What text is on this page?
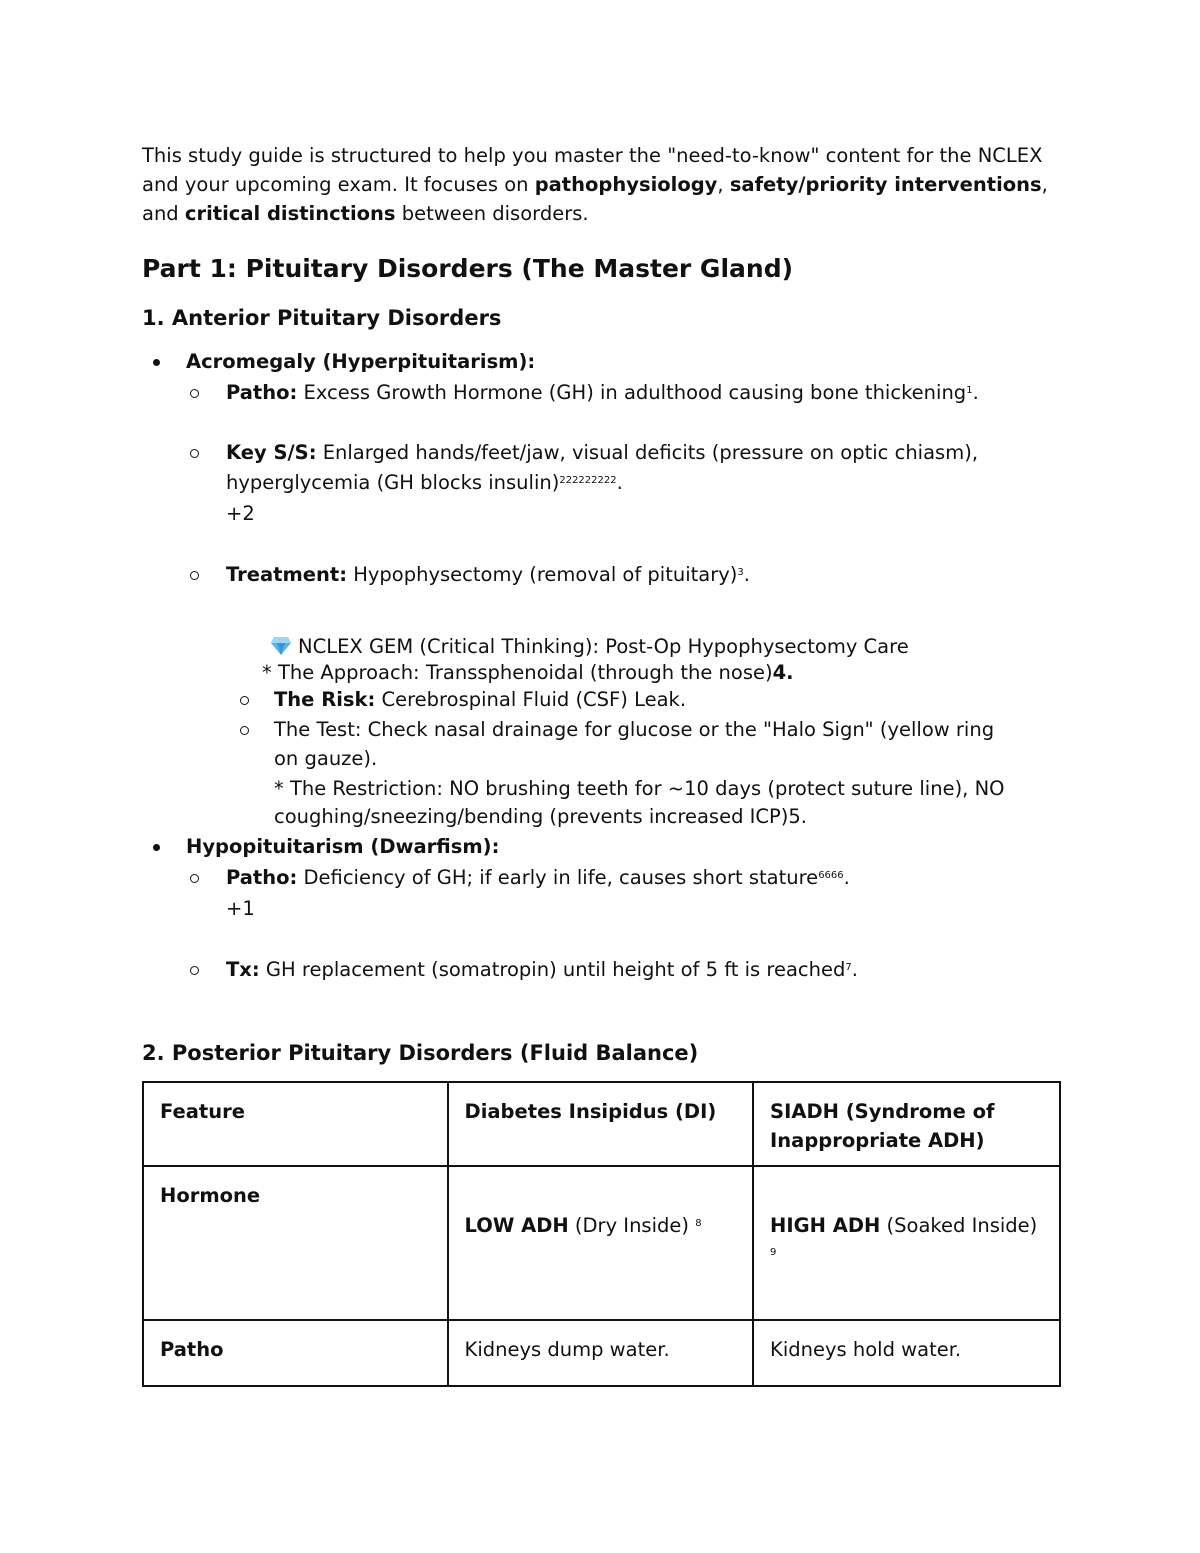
This study guide is structured to help you master the "need-to-know" content for the NCLEX and your upcoming exam. It focuses on pathophysiology, safety/priority interventions, and critical distinctions between disorders.

Part 1: Pituitary Disorders (The Master Gland)
1. Anterior Pituitary Disorders
Acromegaly (Hyperpituitarism):
Patho: Excess Growth Hormone (GH) in adulthood causing bone thickening$^1$.
Key S/S: Enlarged hands/feet/jaw, visual deficits (pressure on optic chiasm),
hyperglycemia (GH blocks insulin)$^{222222222}$.
+2
Treatment: Hypophysectomy (removal of pituitary)$^3$.
NCLEX GEM (Critical Thinking): Post-Op Hypophysectomy Care
* The Approach: Transsphenoidal (through the nose)4.
The Risk: Cerebrospinal Fluid (CSF) Leak.
The Test: Check nasal drainage for glucose or the "Halo Sign" (yellow ring
on gauze).
* The Restriction: NO brushing teeth for ~10 days (protect suture line), NO
coughing/sneezing/bending (prevents increased ICP)5.
Hypopituitarism (Dwarfism):
Patho: Deficiency of GH; if early in life, causes short stature$^{6666}$.
+1
Tx: GH replacement (somatropin) until height of 5 ft is reached$^7$.
2. Posterior Pituitary Disorders (Fluid Balance)
Feature	Diabetes Insipidus (DI)	SIADH (Syndrome of Inappropriate ADH)
Hormone	LOW ADH (Dry Inside) $^8$	HIGH ADH (Soaked Inside)
$^9$

Patho	Kidneys dump water.	Kidneys hold water.
